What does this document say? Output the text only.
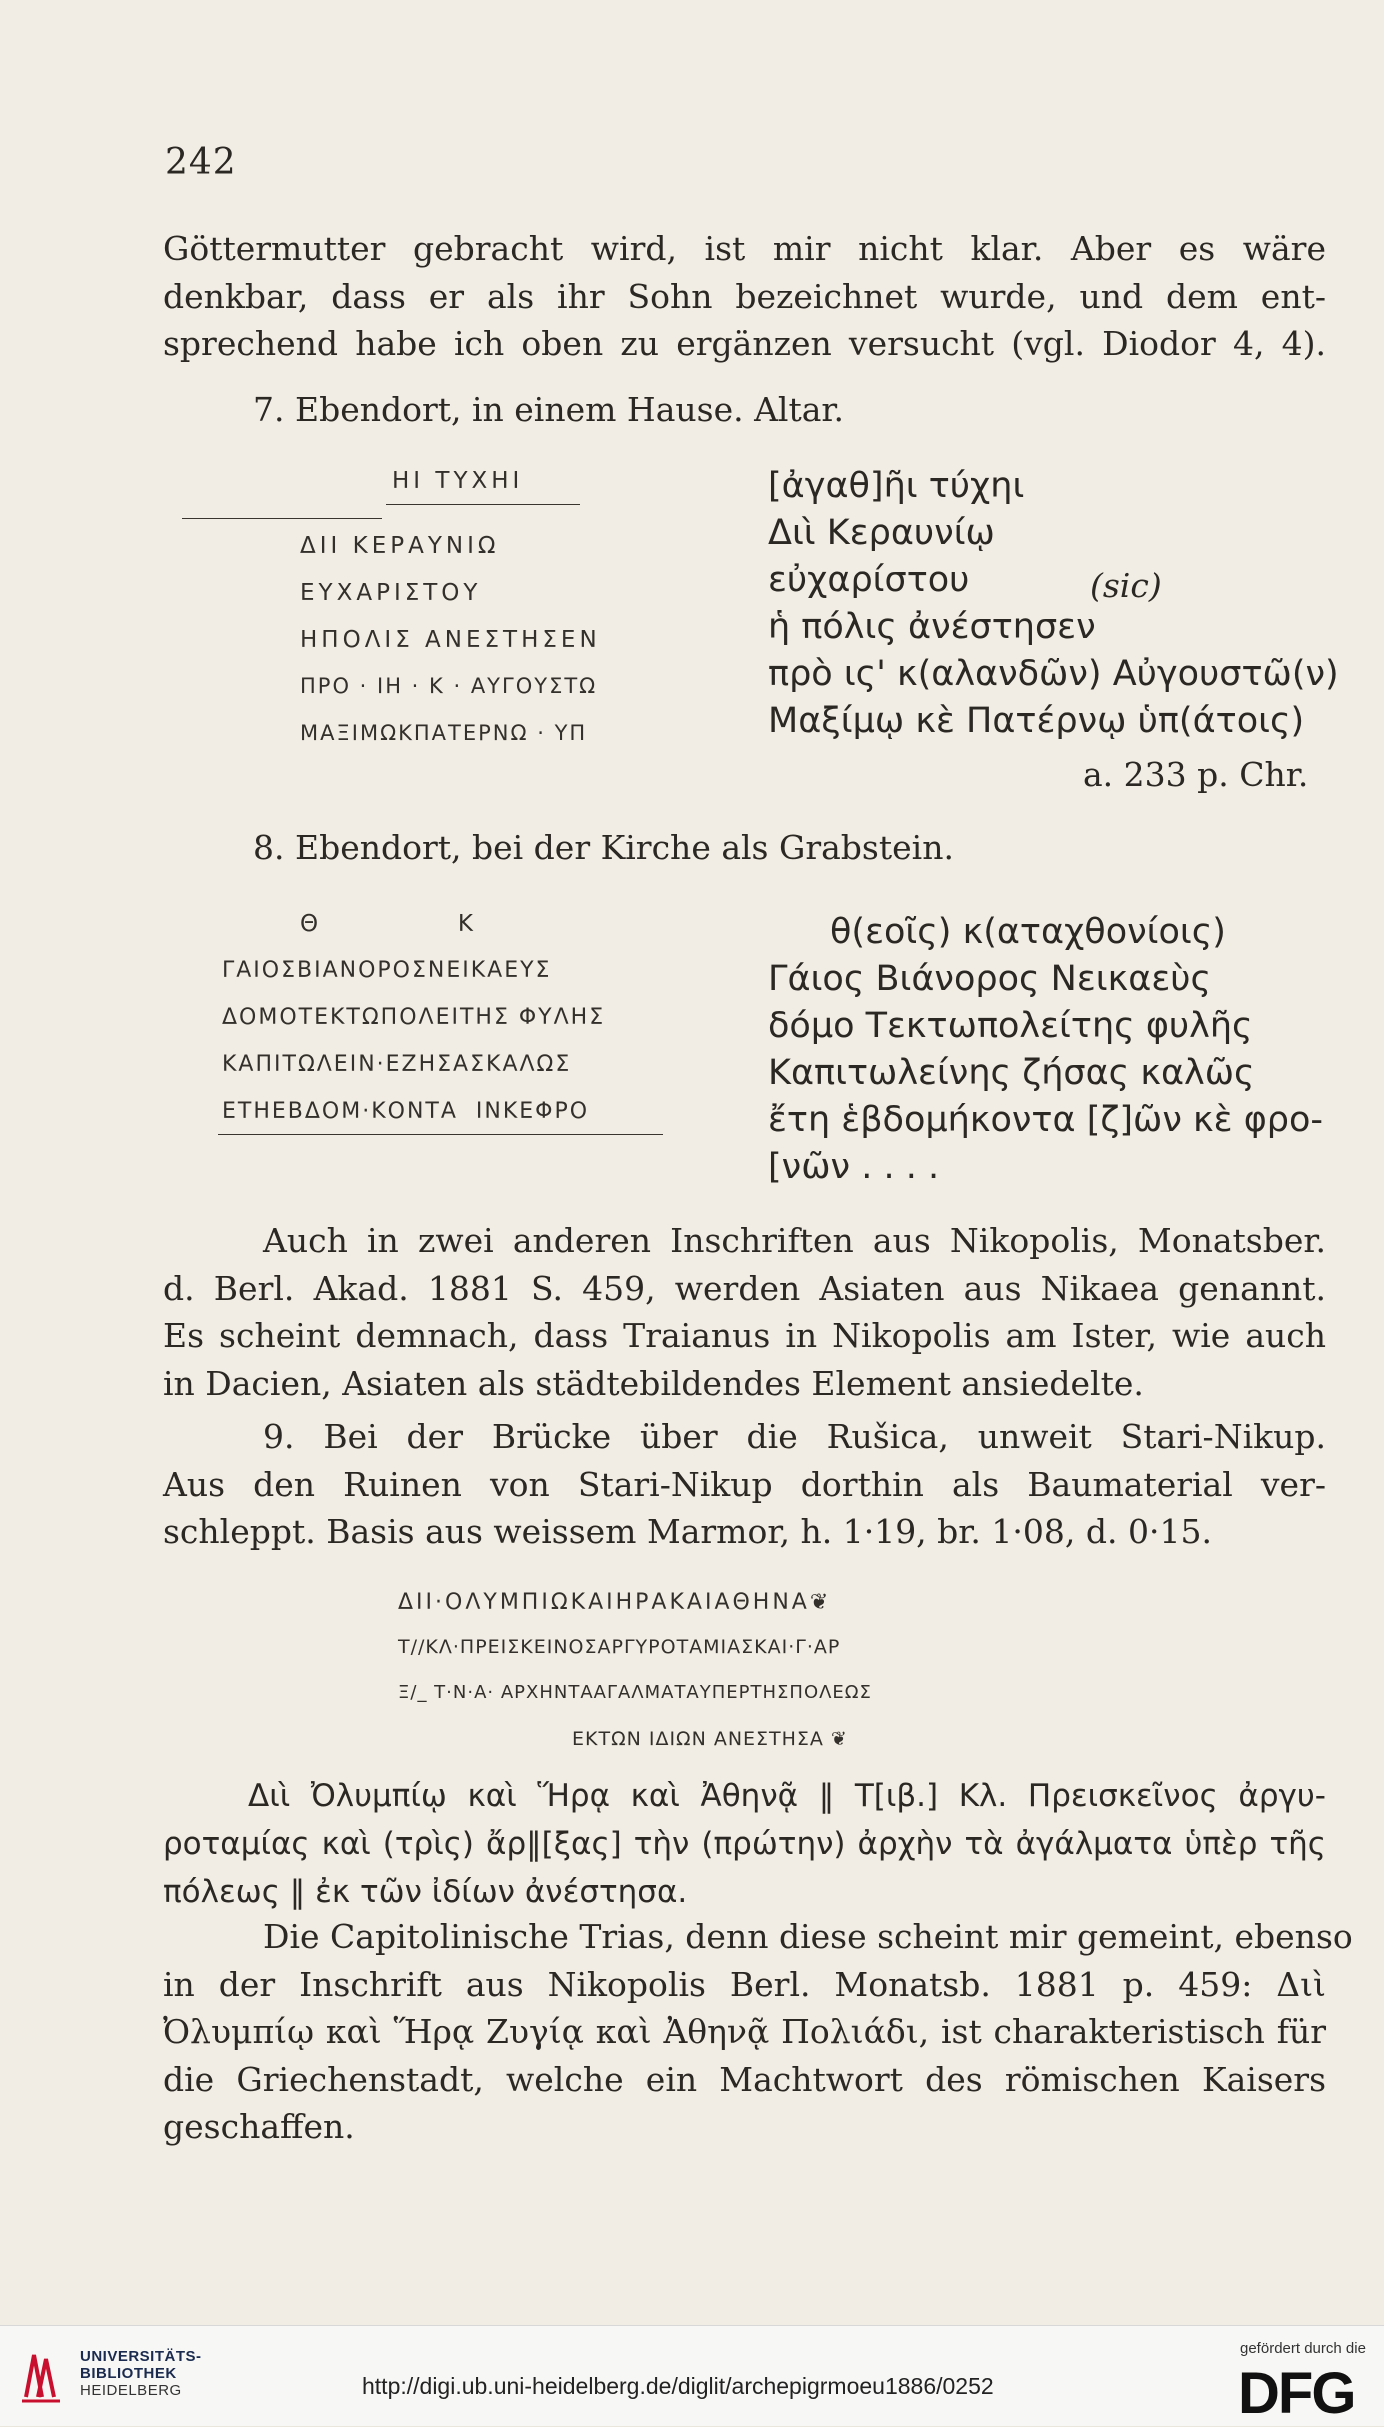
242
Göttermutter gebracht wird, ist mir nicht klar. Aber es wäre
denkbar, dass er als ihr Sohn bezeichnet wurde, und dem ent-
sprechend habe ich oben zu ergänzen versucht (vgl. Diodor 4, 4).
7. Ebendort, in einem Hause. Altar.
ΗΙ ΤΥΧΗΙ
ΔΙΙ ΚΕΡΑΥΝΙΩ
ΕΥΧΑΡΙΣΤΟΥ
ΗΠΟΛΙΣ ΑΝΕΣΤΗΣΕΝ
ΠΡΟ · ΙΗ · Κ · ΑΥΓΟΥΣΤΩ
ΜΑΞΙΜΩΚΠΑΤΕΡΝΩ · ΥΠ
[ἀγαθ]ῆι τύχηι
Διὶ Κεραυνίῳ
εὐχαρίστου	(sic)
ἡ πόλις ἀνέστησεν
πρὸ ις' κ(αλανδῶν) Αὐγουστῶ(ν)
Μαξίμῳ κὲ Πατέρνῳ ὑπ(άτοις)
a. 233 p. Chr.
8. Ebendort, bei der Kirche als Grabstein.
Θ            Κ
ΓΑΙΟΣΒΙΑΝΟΡΟΣΝΕΙΚΑΕΥΣ
ΔΟΜΟΤΕΚΤΩΠΟΛΕΙΤΗΣ ΦΥΛΗΣ
ΚΑΠΙΤΩΛΕΙΝ·ΕΖΗΣΑΣΚΑΛΩΣ
ΕΤΗΕΒΔΟΜ·ΚΟΝΤΑ  ΙΝΚΕΦΡΟ
θ(εοῖς) κ(αταχθονίοις)
Γάιος Βιάνορος Νεικαεὺς
δόμο Τεκτωπολείτης φυλῆς
Καπιτωλείνης ζήσας καλῶς
ἔτη ἑβδομήκοντα [ζ]ῶν κὲ φρο-
[νῶν . . . .
Auch in zwei anderen Inschriften aus Nikopolis, Monatsber.
d. Berl. Akad. 1881 S. 459, werden Asiaten aus Nikaea genannt.
Es scheint demnach, dass Traianus in Nikopolis am Ister, wie auch
in Dacien, Asiaten als städtebildendes Element ansiedelte.
9. Bei der Brücke über die Rušica, unweit Stari-Nikup.
Aus den Ruinen von Stari-Nikup dorthin als Baumaterial ver-
schleppt. Basis aus weissem Marmor, h. 1·19, br. 1·08, d. 0·15.
ΔΙΙ·ΟΛΥΜΠΙΩΚΑΙΗΡΑΚΑΙΑΘΗΝΑ❦
Τ//ΚΛ·ΠΡΕΙΣΚΕΙΝΟΣΑΡΓΥΡΟΤΑΜΙΑΣΚΑΙ·Γ·ΑΡ
Ξ/_ Τ·Ν·Α· ΑΡΧΗΝΤΑΑΓΑΛΜΑΤΑΥΠΕΡΤΗΣΠΟΛΕΩΣ
ΕΚΤΩΝ ΙΔΙΩΝ ΑΝΕΣΤΗΣΑ ❦
Διὶ Ὀλυμπίῳ καὶ Ἥρᾳ καὶ Ἀθηνᾷ ‖ Τ[ιβ.] Κλ. Πρεισκεῖνος ἀργυ-
ροταμίας καὶ (τρὶς) ἄρ‖[ξας] τὴν (πρώτην) ἀρχὴν τὰ ἀγάλματα ὑπὲρ τῆς
πόλεως ‖ ἐκ τῶν ἰδίων ἀνέστησα.
Die Capitolinische Trias, denn diese scheint mir gemeint, ebenso
in der Inschrift aus Nikopolis Berl. Monatsb. 1881 p. 459: Διὶ
Ὀλυμπίῳ καὶ Ἥρᾳ Ζυγίᾳ καὶ Ἀθηνᾷ Πολιάδι, ist charakteristisch für
die Griechenstadt, welche ein Machtwort des römischen Kaisers
geschaffen.
UNIVERSITÄTS-
BIBLIOTHEK
HEIDELBERG	http://digi.ub.uni-heidelberg.de/diglit/archepigrmoeu1886/0252
gefördert durch die
DFG
